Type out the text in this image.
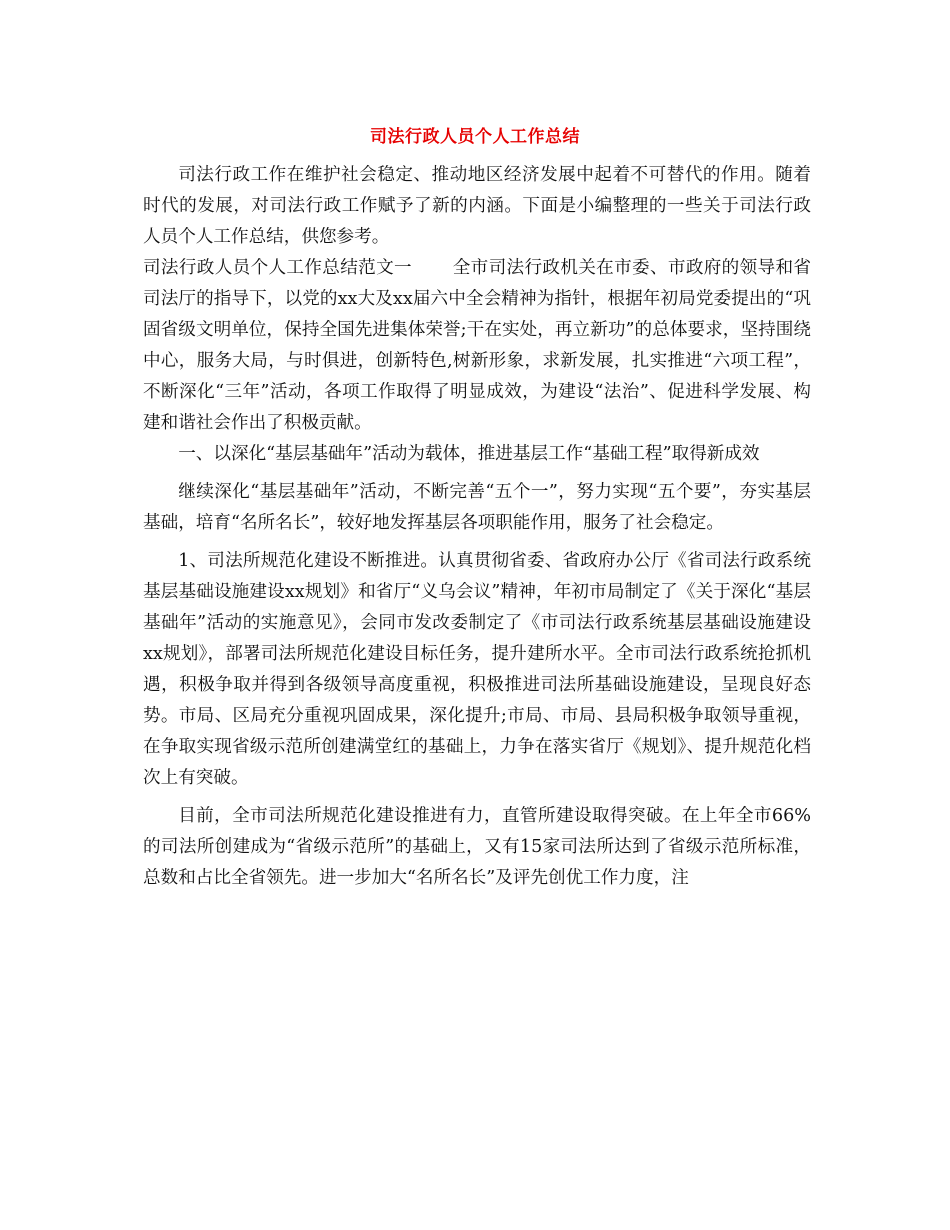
司法行政人员个人工作总结

司法行政工作在维护社会稳定、推动地区经济发展中起着不可替代的作用。随着时代的发展，对司法行政工作赋予了新的内涵。下面是小编整理的一些关于司法行政人员个人工作总结，供您参考。

司法行政人员个人工作总结范文一 全市司法行政机关在市委、市政府的领导和省司法厅的指导下，以党的xx大及xx届六中全会精神为指针，根据年初局党委提出的“巩固省级文明单位，保持全国先进集体荣誉;干在实处，再立新功”的总体要求，坚持围绕中心，服务大局，与时俱进，创新特色,树新形象，求新发展，扎实推进“六项工程”，不断深化“三年”活动，各项工作取得了明显成效，为建设“法治”、促进科学发展、构建和谐社会作出了积极贡献。

一、以深化“基层基础年”活动为载体，推进基层工作“基础工程”取得新成效

继续深化“基层基础年”活动，不断完善“五个一”，努力实现“五个要”，夯实基层基础，培育“名所名长”，较好地发挥基层各项职能作用，服务了社会稳定。

1、司法所规范化建设不断推进。认真贯彻省委、省政府办公厅《省司法行政系统基层基础设施建设xx规划》和省厅“义乌会议”精神，年初市局制定了《关于深化“基层基础年”活动的实施意见》，会同市发改委制定了《市司法行政系统基层基础设施建设xx规划》，部署司法所规范化建设目标任务，提升建所水平。全市司法行政系统抢抓机遇，积极争取并得到各级领导高度重视，积极推进司法所基础设施建设，呈现良好态势。市局、区局充分重视巩固成果，深化提升;市局、市局、县局积极争取领导重视，在争取实现省级示范所创建满堂红的基础上，力争在落实省厅《规划》、提升规范化档次上有突破。

目前，全市司法所规范化建设推进有力，直管所建设取得突破。在上年全市66%的司法所创建成为“省级示范所”的基础上，又有15家司法所达到了省级示范所标准，总数和占比全省领先。进一步加大“名所名长”及评先创优工作力度，注
